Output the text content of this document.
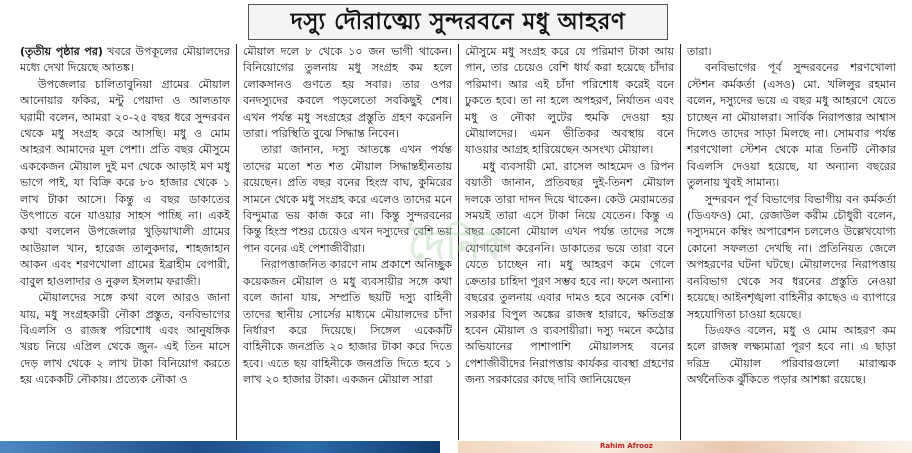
দস্যু দৌরাত্ম্যে সুন্দরবনে মধু আহরণ

(তৃতীয় পৃষ্ঠার পর) খবরে উপকূলের মৌয়ালদের মধ্যে দেখা দিয়েছে আতঙ্ক।

উপজেলার চালিতাবুনিয়া গ্রামের মৌয়াল আনোয়ার ফকির, মন্টু পেয়াদা ও আলতাফ ঘরামী বলেন, আমরা ২০-২৫ বছর ধরে সুন্দরবন থেকে মধু সংগ্রহ করে আসছি। মধু ও মোম আহরণ আমাদের মূল পেশা। প্রতি বছর মৌসুমে এককেজন মৌয়াল দুই মণ থেকে আড়াই মণ মধু ভাগে পাই, যা বিক্রি করে ৮০ হাজার থেকে ১ লাখ টাকা আসে। কিন্তু এ বছর ডাকাতের উৎপাতে বনে যাওয়ার সাহস পাচ্ছি না। একই কথা বললেন উপজেলার খুড়িয়াখালী গ্রামের আউয়াল খান, হারেজ তালুকদার, শাহজাহান আকন এবং শরণখোলা গ্রামের ইব্রাহীম বেপারী, বাবুল হাওলাদার ও নুরুল ইসলাম ফরাজী।

মৌয়ালদের সঙ্গে কথা বলে আরও জানা যায়, মধু সংগ্রহকারী নৌকা প্রস্তুত, বনবিভাগের বিএলসি ও রাজস্ব পরিশোধ এবং আনুষঙ্গিক খরচ নিয়ে এপ্রিল থেকে জুন- এই তিন মাসে দেড় লাখ থেকে ২ লাখ টাকা বিনিয়োগ করতে হয় একেকটি নৌকায়। প্রত্যেক নৌকা ও

মৌয়াল দলে ৮ থেকে ১০ জন ভাগী থাকেন। বিনিয়োগের তুলনায় মধু সংগ্রহ কম হলে লোকসানও গুণতে হয় সবার। তার ওপর বনদস্যুদের কবলে পড়লেতো সবকিছুই শেষ। এখন পর্যন্ত মধু সংগ্রহের প্রস্তুতি গ্রহণ করেননি তারা। পরিস্থিতি বুঝে সিদ্ধান্ত নিবেন।

তারা জানান, দস্যু আতঙ্কে এখন পর্যন্ত তাদের মতো শত শত মৌয়াল সিদ্ধান্তহীনতায় রয়েছেন। প্রতি বছর বনের হিংস্র বাঘ, কুমিরের সামনে থেকে মধু সংগ্রহ করে এলেও তাদের মনে বিন্দুমাত্র ভয় কাজ করে না। কিন্তু সুন্দরবনের কিন্তু হিংস্র পশুর চেয়েও এখন দস্যুদের বেশি ভয় পান বনের এই পেশাজীবীরা।

নিরাপত্তাজনিত কারণে নাম প্রকাশে অনিচ্ছুক কয়েকজন মৌয়াল ও মধু ব্যবসায়ীর সঙ্গে কথা বলে জানা যায়, সম্প্রতি ছয়টি দস্যু বাহিনী তাদের স্থানীয় সোর্সের মাধ্যমে মৌয়ালদের চাঁদা নির্ধারণ করে দিয়েছে। সিঙ্গেল একেকটি বাহিনীকে জনপ্রতি ২০ হাজার টাকা করে দিতে হবে। এতে ছয় বাহিনীকে জনপ্রতি দিতে হবে ১ লাখ ২০ হাজার টাকা। একজন মৌয়াল সারা

মৌসুমে মধু সংগ্রহ করে যে পরিমাণ টাকা আয় পান, তার চেয়েও বেশি ধার্য করা হয়েছে চাঁদার পরিমাণ। আর এই চাঁদা পরিশোধ করেই বনে ঢুকতে হবে। তা না হলে অপহরণ, নির্যাতন এবং মধু ও নৌকা লুটের হুমকি দেওয়া হয় মৌয়ালদের। এমন ভীতিকর অবস্থায় বনে যাওয়ার আগ্রহ হারিয়েছেন অসংখ্য মৌয়াল।

মধু ব্যবসায়ী মো. রাসেল আহমেদ ও রিপন বয়াতী জানান, প্রতিবছর দুই-তিনশ মৌয়াল দলকে তারা দাদন দিয়ে থাকেন। কেউ মেরামতের সময়ই তারা এসে টাকা নিয়ে যেতেন। কিন্তু এ বছর কোনো মৌয়াল এখন পর্যন্ত তাদের সঙ্গে যোগাযোগ করেননি। ডাকাতের ভয়ে তারা বনে যেতে চাচ্ছেন না। মধু আহরণ কমে গেলে ক্রেতার চাহিদা পূরণ সম্ভব হবে না। ফলে অন্যান্য বছরের তুলনায় এবার দামও হবে অনেক বেশি। সরকার বিপুল অঙ্কের রাজস্ব হারাবে, ক্ষতিগ্রস্ত হবেন মৌয়াল ও ব্যবসায়ীরা। দস্যু দমনে কঠোর অভিযানের পাশাপাশি মৌয়ালসহ বনের পেশাজীবীদের নিরাপত্তায় কার্যকর ব্যবস্থা গ্রহণের জন্য সরকারের কাছে দাবি জানিয়েছেন

তারা।

বনবিভাগের পূর্ব সুন্দরবনের শরণখোলা স্টেশন কর্মকর্তা (এসও) মো. খলিলুর রহমান বলেন, দস্যুদের ভয়ে এ বছর মধু আহরণে যেতে চাচ্ছেন না মৌয়ালরা। সার্বিক নিরাপত্তার আশ্বাস দিলেও তাদের সাড়া মিলছে না। সোমবার পর্যন্ত শরণখোলা স্টেশন থেকে মাত্র তিনটি নৌকার বিএলসি দেওয়া হয়েছে, যা অন্যান্য বছরের তুলনায় খুবই সামান্য।

সুন্দরবন পূর্ব বিভাগের বিভাগীয় বন কর্মকর্তা (ডিএফও) মো. রেজাউল করীম চৌধুরী বলেন, দস্যুদমনে কম্বিং অপারেশন চললেও উল্লেখযোগ্য কোনো সফলতা দেখছি না। প্রতিনিয়ত জেলে অপহরণের ঘটনা ঘটছে। মৌয়ালদের নিরাপত্তায় বনবিভাগ থেকে সব ধরনের প্রস্তুতি নেওয়া হয়েছে। আইনশৃঙ্খলা বাহিনীর কাছেও এ ব্যাপারে সহযোগিতা চাওয়া হয়েছে।

ডিএফও বলেন, মধু ও মোম আহরণ কম হলে রাজস্ব লক্ষ্যমাত্রা পূরণ হবে না। এ ছাড়া দরিদ্র মৌয়াল পরিবারগুলো মারাত্মক অর্থনৈতিক ঝুঁকিতে পড়ার আশঙ্কা রয়েছে।

দৈনিক
Rahim Afrooz
